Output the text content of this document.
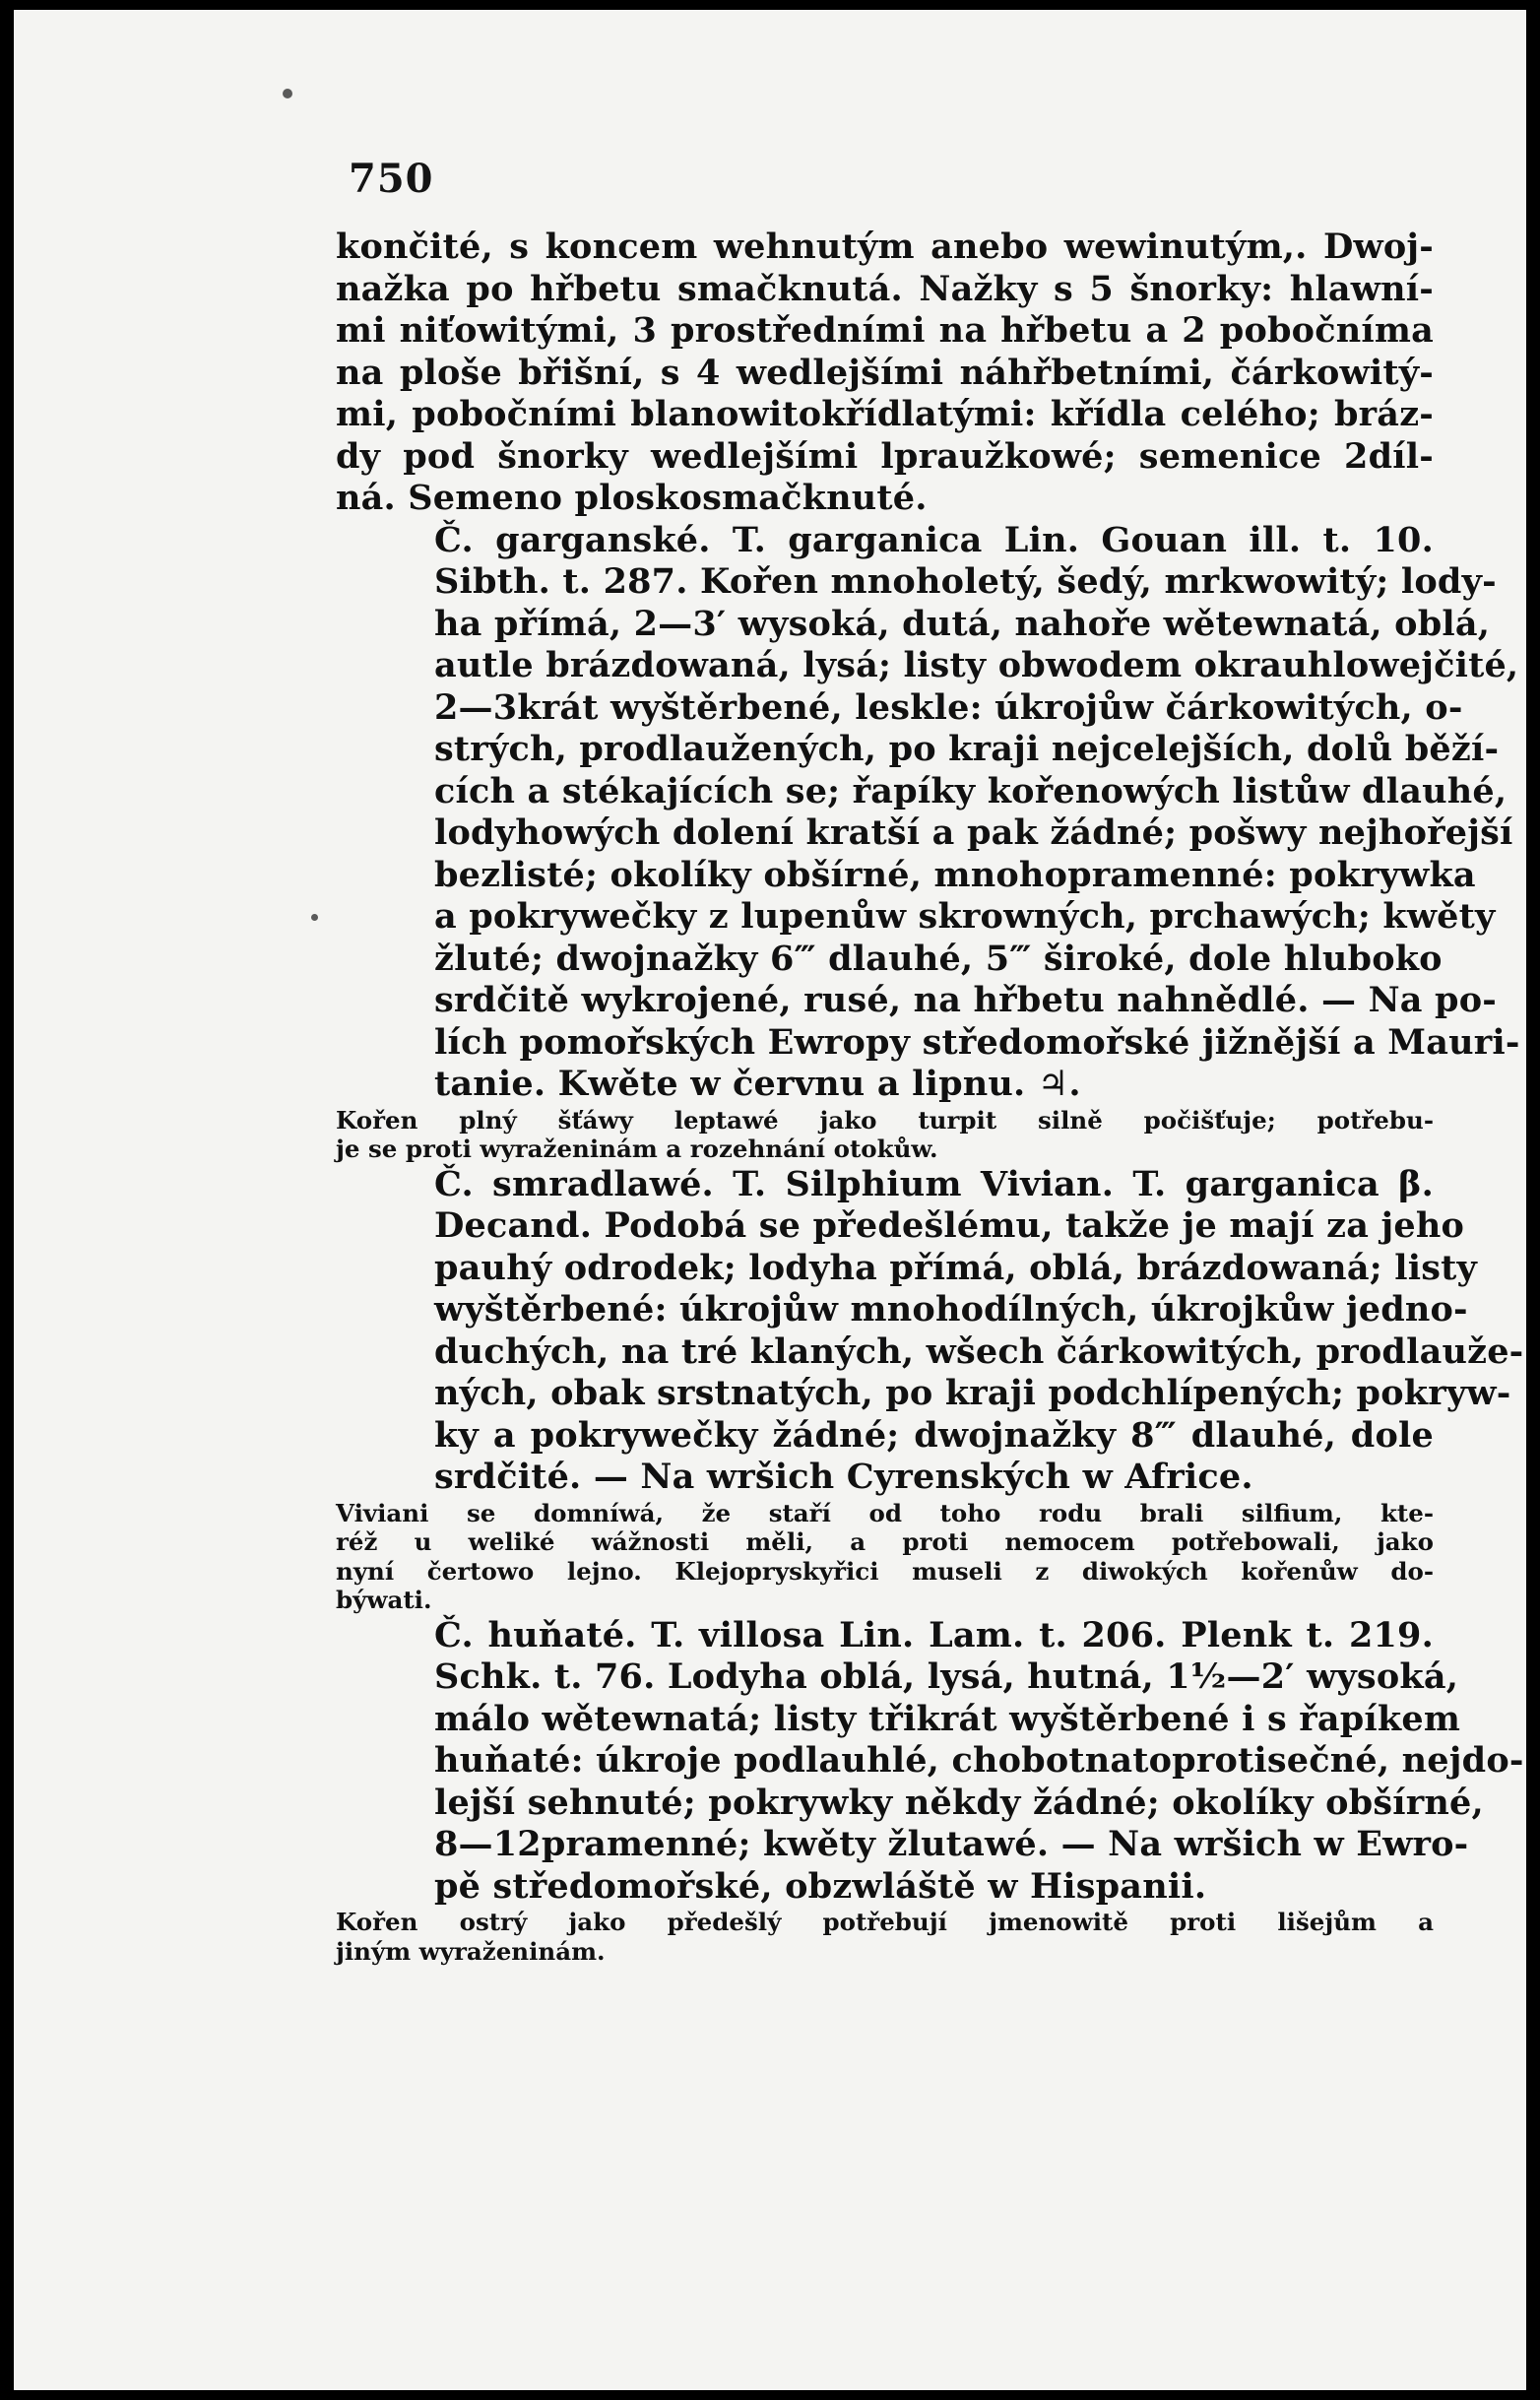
750

končité, s koncem wehnutým anebo wewinutým,. Dwoj-
nažka po hřbetu smačknutá. Nažky s 5 šnorky: hlawní-
mi niťowitými, 3 prostředními na hřbetu a 2 pobočníma
na ploše břišní, s 4 wedlejšími náhřbetními, čárkowitý-
mi, pobočními blanowitokřídlatými: křídla celého; bráz-
dy pod šnorky wedlejšími lpraužkowé; semenice 2díl-
ná. Semeno ploskosmačknuté.

Č. garganské. T. garganica Lin. Gouan ill. t. 10.
Sibth. t. 287. Kořen mnoholetý, šedý, mrkwowitý; lody-
ha přímá, 2—3′ wysoká, dutá, nahoře wětewnatá, oblá,
autle brázdowaná, lysá; listy obwodem okrauhlowejčité,
2—3krát wyštěrbené, leskle: úkrojůw čárkowitých, o-
strých, prodlaužených, po kraji nejcelejších, dolů běží-
cích a stékajících se; řapíky kořenowých listůw dlauhé,
lodyhowých dolení kratší a pak žádné; pošwy nejhořejší
bezlisté; okolíky obšírné, mnohopramenné: pokrywka
a pokrywečky z lupenůw skrowných, prchawých; kwěty
žluté; dwojnažky 6‴ dlauhé, 5‴ široké, dole hluboko
srdčitě wykrojené, rusé, na hřbetu nahnědlé. — Na po-
lích pomořských Ewropy středomořské jižnější a Mauri-
tanie. Kwěte w červnu a lipnu. ♃.

Kořen plný šťáwy leptawé jako turpit silně počišťuje; potřebu-
je se proti wyraženinám a rozehnání otokůw.

Č. smradlawé. T. Silphium Vivian. T. garganica β.
Decand. Podobá se předešlému, takže je mají za jeho
pauhý odrodek; lodyha přímá, oblá, brázdowaná; listy
wyštěrbené: úkrojůw mnohodílných, úkrojkůw jedno-
duchých, na tré klaných, wšech čárkowitých, prodlauže-
ných, obak srstnatých, po kraji podchlípených; pokryw-
ky a pokrywečky žádné; dwojnažky 8‴ dlauhé, dole
srdčité. — Na wršich Cyrenských w Africe.

Viviani se domníwá, že staří od toho rodu brali silfium, kte-
réž u weliké wážnosti měli, a proti nemocem potřebowali, jako
nyní čertowo lejno. Klejopryskyřici museli z diwokých kořenůw do-
býwati.

Č. huňaté. T. villosa Lin. Lam. t. 206. Plenk t. 219.
Schk. t. 76. Lodyha oblá, lysá, hutná, 1½—2′ wysoká,
málo wětewnatá; listy třikrát wyštěrbené i s řapíkem
huňaté: úkroje podlauhlé, chobotnatoprotisečné, nejdo-
lejší sehnuté; pokrywky někdy žádné; okolíky obšírné,
8—12pramenné; kwěty žlutawé. — Na wršich w Ewro-
pě středomořské, obzwláště w Hispanii.

Kořen ostrý jako předešlý potřebují jmenowitě proti lišejům a
jiným wyraženinám.
